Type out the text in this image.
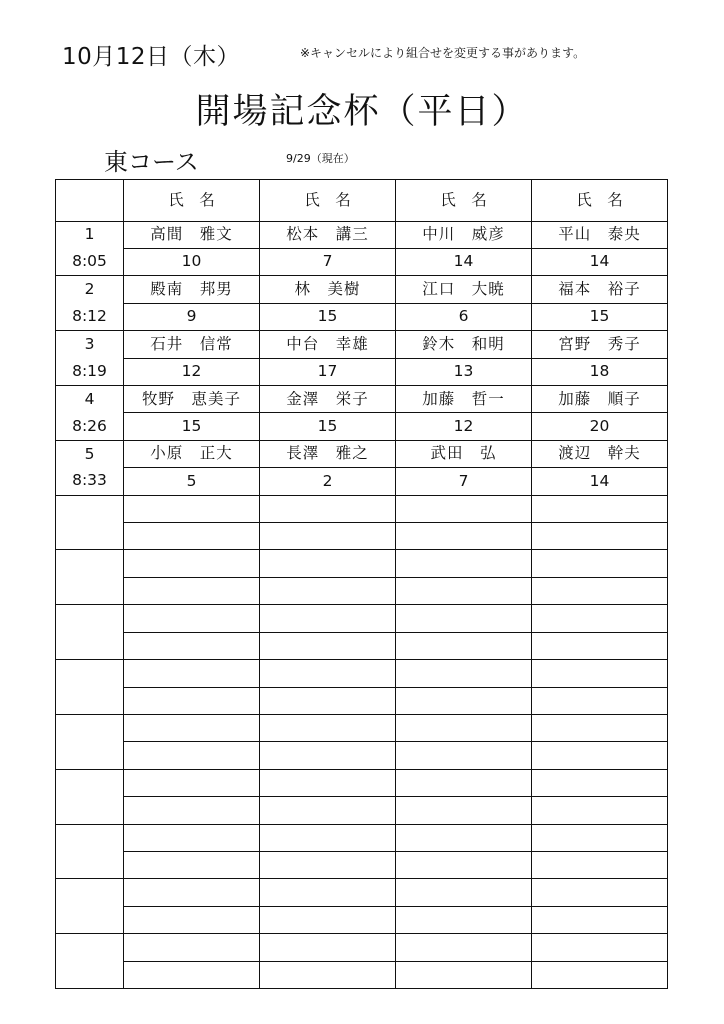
10月12日（木）	※キャンセルにより組合せを変更する事があります。
開場記念杯（平日）
東コース	9/29（現在）
	氏　名	氏　名	氏　名	氏　名
1	高間　雅文	松本　講三	中川　威彦	平山　泰央
8:05	10	7	14	14
2	殿南　邦男	林　美樹	江口　大暁	福本　裕子
8:12	9	15	6	15
3	石井　信常	中台　幸雄	鈴木　和明	宮野　秀子
8:19	12	17	13	18
4	牧野　恵美子	金澤　栄子	加藤　哲一	加藤　順子
8:26	15	15	12	20
5	小原　正大	長澤　雅之	武田　弘	渡辺　幹夫
8:33	5	2	7	14
